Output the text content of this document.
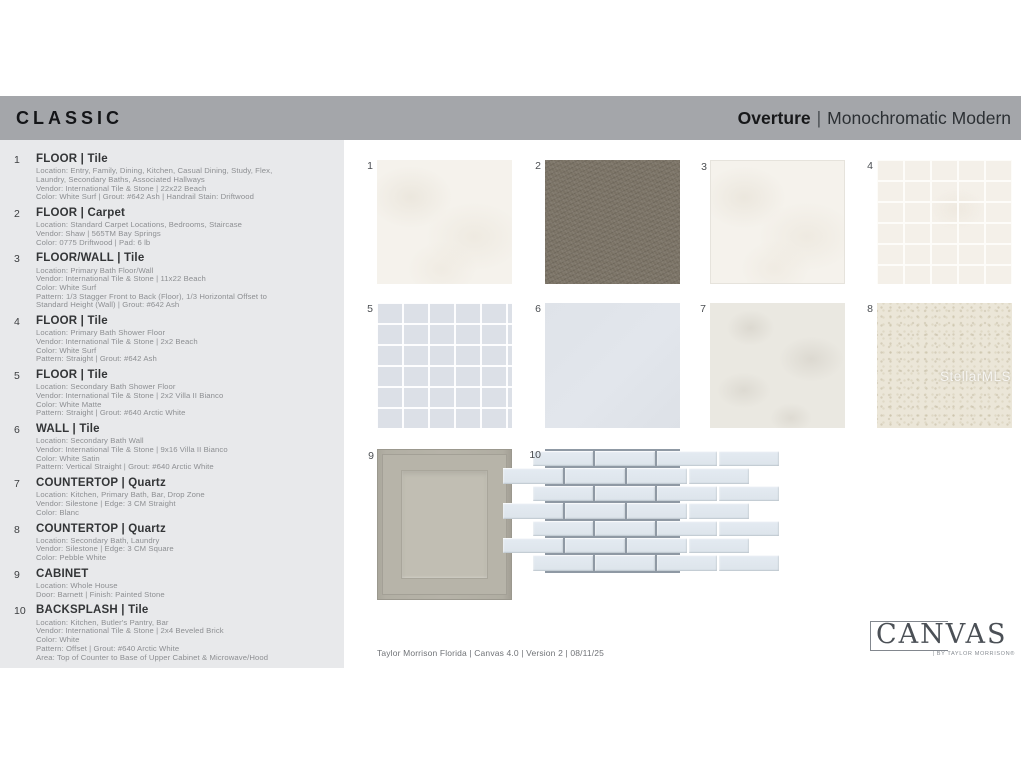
CLASSIC	Overture | Monochromatic Modern
1	FLOOR | Tile
Location: Entry, Family, Dining, Kitchen, Casual Dining, Study, Flex,
Laundry, Secondary Baths, Associated Hallways
Vendor: International Tile & Stone | 22x22 Beach
Color: White Surf | Grout: #642 Ash | Handrail Stain: Driftwood
2	FLOOR | Carpet
Location: Standard Carpet Locations, Bedrooms, Staircase
Vendor: Shaw | 565TM Bay Springs
Color: 0775 Driftwood | Pad: 6 lb
3	FLOOR/WALL | Tile
Location: Primary Bath Floor/Wall
Vendor: International Tile & Stone | 11x22 Beach
Color: White Surf
Pattern: 1/3 Stagger Front to Back (Floor), 1/3 Horizontal Offset to
Standard Height (Wall) | Grout: #642 Ash
4	FLOOR | Tile
Location: Primary Bath Shower Floor
Vendor: International Tile & Stone | 2x2 Beach
Color: White Surf
Pattern: Straight | Grout: #642 Ash
5	FLOOR | Tile
Location: Secondary Bath Shower Floor
Vendor: International Tile & Stone | 2x2 Villa II Bianco
Color: White Matte
Pattern: Straight | Grout: #640 Arctic White
6	WALL | Tile
Location: Secondary Bath Wall
Vendor: International Tile & Stone | 9x16 Villa II Bianco
Color: White Satin
Pattern: Vertical Straight | Grout: #640 Arctic White
7	COUNTERTOP | Quartz
Location: Kitchen, Primary Bath, Bar, Drop Zone
Vendor: Silestone | Edge: 3 CM Straight
Color: Blanc
8	COUNTERTOP | Quartz
Location: Secondary Bath, Laundry
Vendor: Silestone | Edge: 3 CM Square
Color: Pebble White
9	CABINET
Location: Whole House
Door: Barnett | Finish: Painted Stone
10 BACKSPLASH | Tile
Location: Kitchen, Butler's Pantry, Bar
Vendor: International Tile & Stone | 2x4 Beveled Brick
Color: White
Pattern: Offset | Grout: #640 Arctic White
Area: Top of Counter to Base of Upper Cabinet & Microwave/Hood
1	2	3	4
5	6	7	8
StellarMLS
9	10
Taylor Morrison Florida | Canvas 4.0 | Version 2 | 08/11/25
CANVAS
| BY TAYLOR MORRISON®
